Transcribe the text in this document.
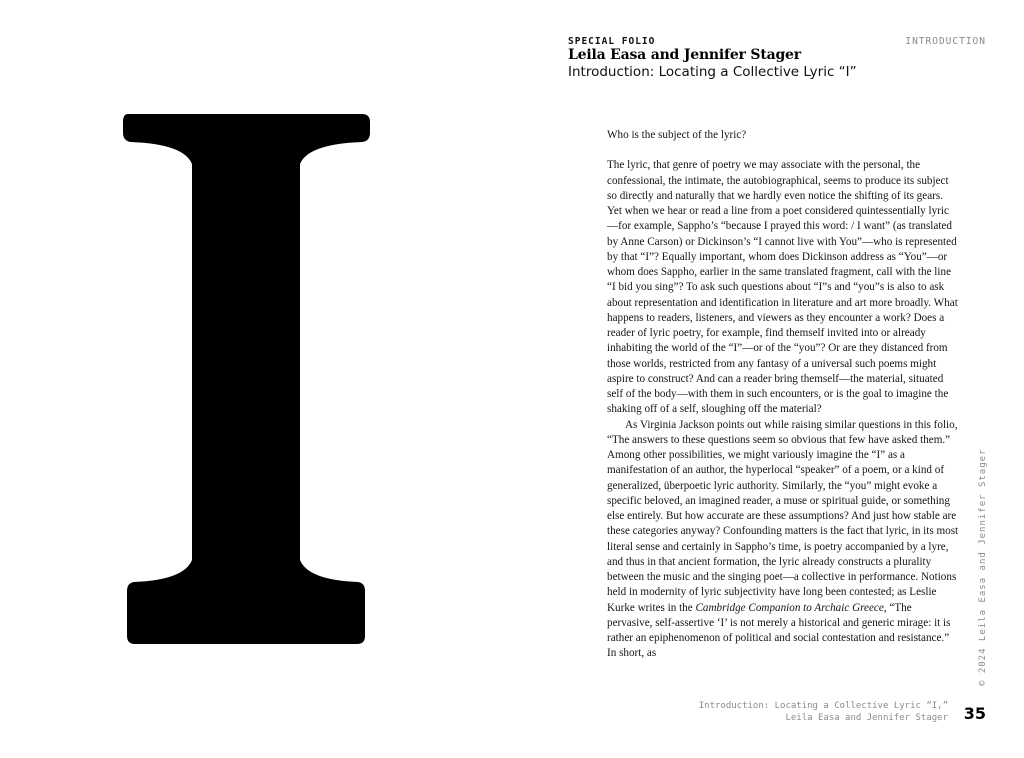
SPECIAL FOLIO	INTRODUCTION
Leila Easa and Jennifer Stager
Introduction: Locating a Collective Lyric “I”

Who is the subject of the lyric?

The lyric, that genre of poetry we may associate with the personal, the confessional, the intimate, the autobiographical, seems to produce its subject so directly and naturally that we hardly even notice the shifting of its gears. Yet when we hear or read a line from a poet considered quintessentially lyric—for example, Sappho’s “because I prayed this word: / I want” (as translated by Anne Carson) or Dickinson’s “I cannot live with You”—who is represented by that “I”? Equally important, whom does Dickinson address as “You”—or whom does Sappho, earlier in the same translated fragment, call with the line “I bid you sing”? To ask such questions about “I”s and “you”s is also to ask about representation and identification in literature and art more broadly. What happens to readers, listeners, and viewers as they encounter a work? Does a reader of lyric poetry, for example, find themself invited into or already inhabiting the world of the “I”—or of the “you”? Or are they distanced from those worlds, restricted from any fantasy of a universal such poems might aspire to construct? And can a reader bring themself—the material, situated self of the body—with them in such encounters, or is the goal to imagine the shaking off of a self, sloughing off the material?

As Virginia Jackson points out while raising similar questions in this folio, “The answers to these questions seem so obvious that few have asked them.” Among other possibilities, we might variously imagine the “I” as a manifestation of an author, the hyperlocal “speaker” of a poem, or a kind of generalized, überpoetic lyric authority. Similarly, the “you” might evoke a specific beloved, an imagined reader, a muse or spiritual guide, or something else entirely. But how accurate are these assumptions? And just how stable are these categories anyway? Confounding matters is the fact that lyric, in its most literal sense and certainly in Sappho’s time, is poetry accompanied by a lyre, and thus in that ancient formation, the lyric already constructs a plurality between the music and the singing poet—a collective in performance. Notions held in modernity of lyric subjectivity have long been contested; as Leslie Kurke writes in the Cambridge Companion to Archaic Greece, “The pervasive, self-assertive ‘I’ is not merely a historical and generic mirage: it is rather an epiphenomenon of political and social contestation and resistance.” In short, as	© 2024 Leila Easa and Jennifer Stager
Introduction: Locating a Collective Lyric “I,”
Leila Easa and Jennifer Stager 35
